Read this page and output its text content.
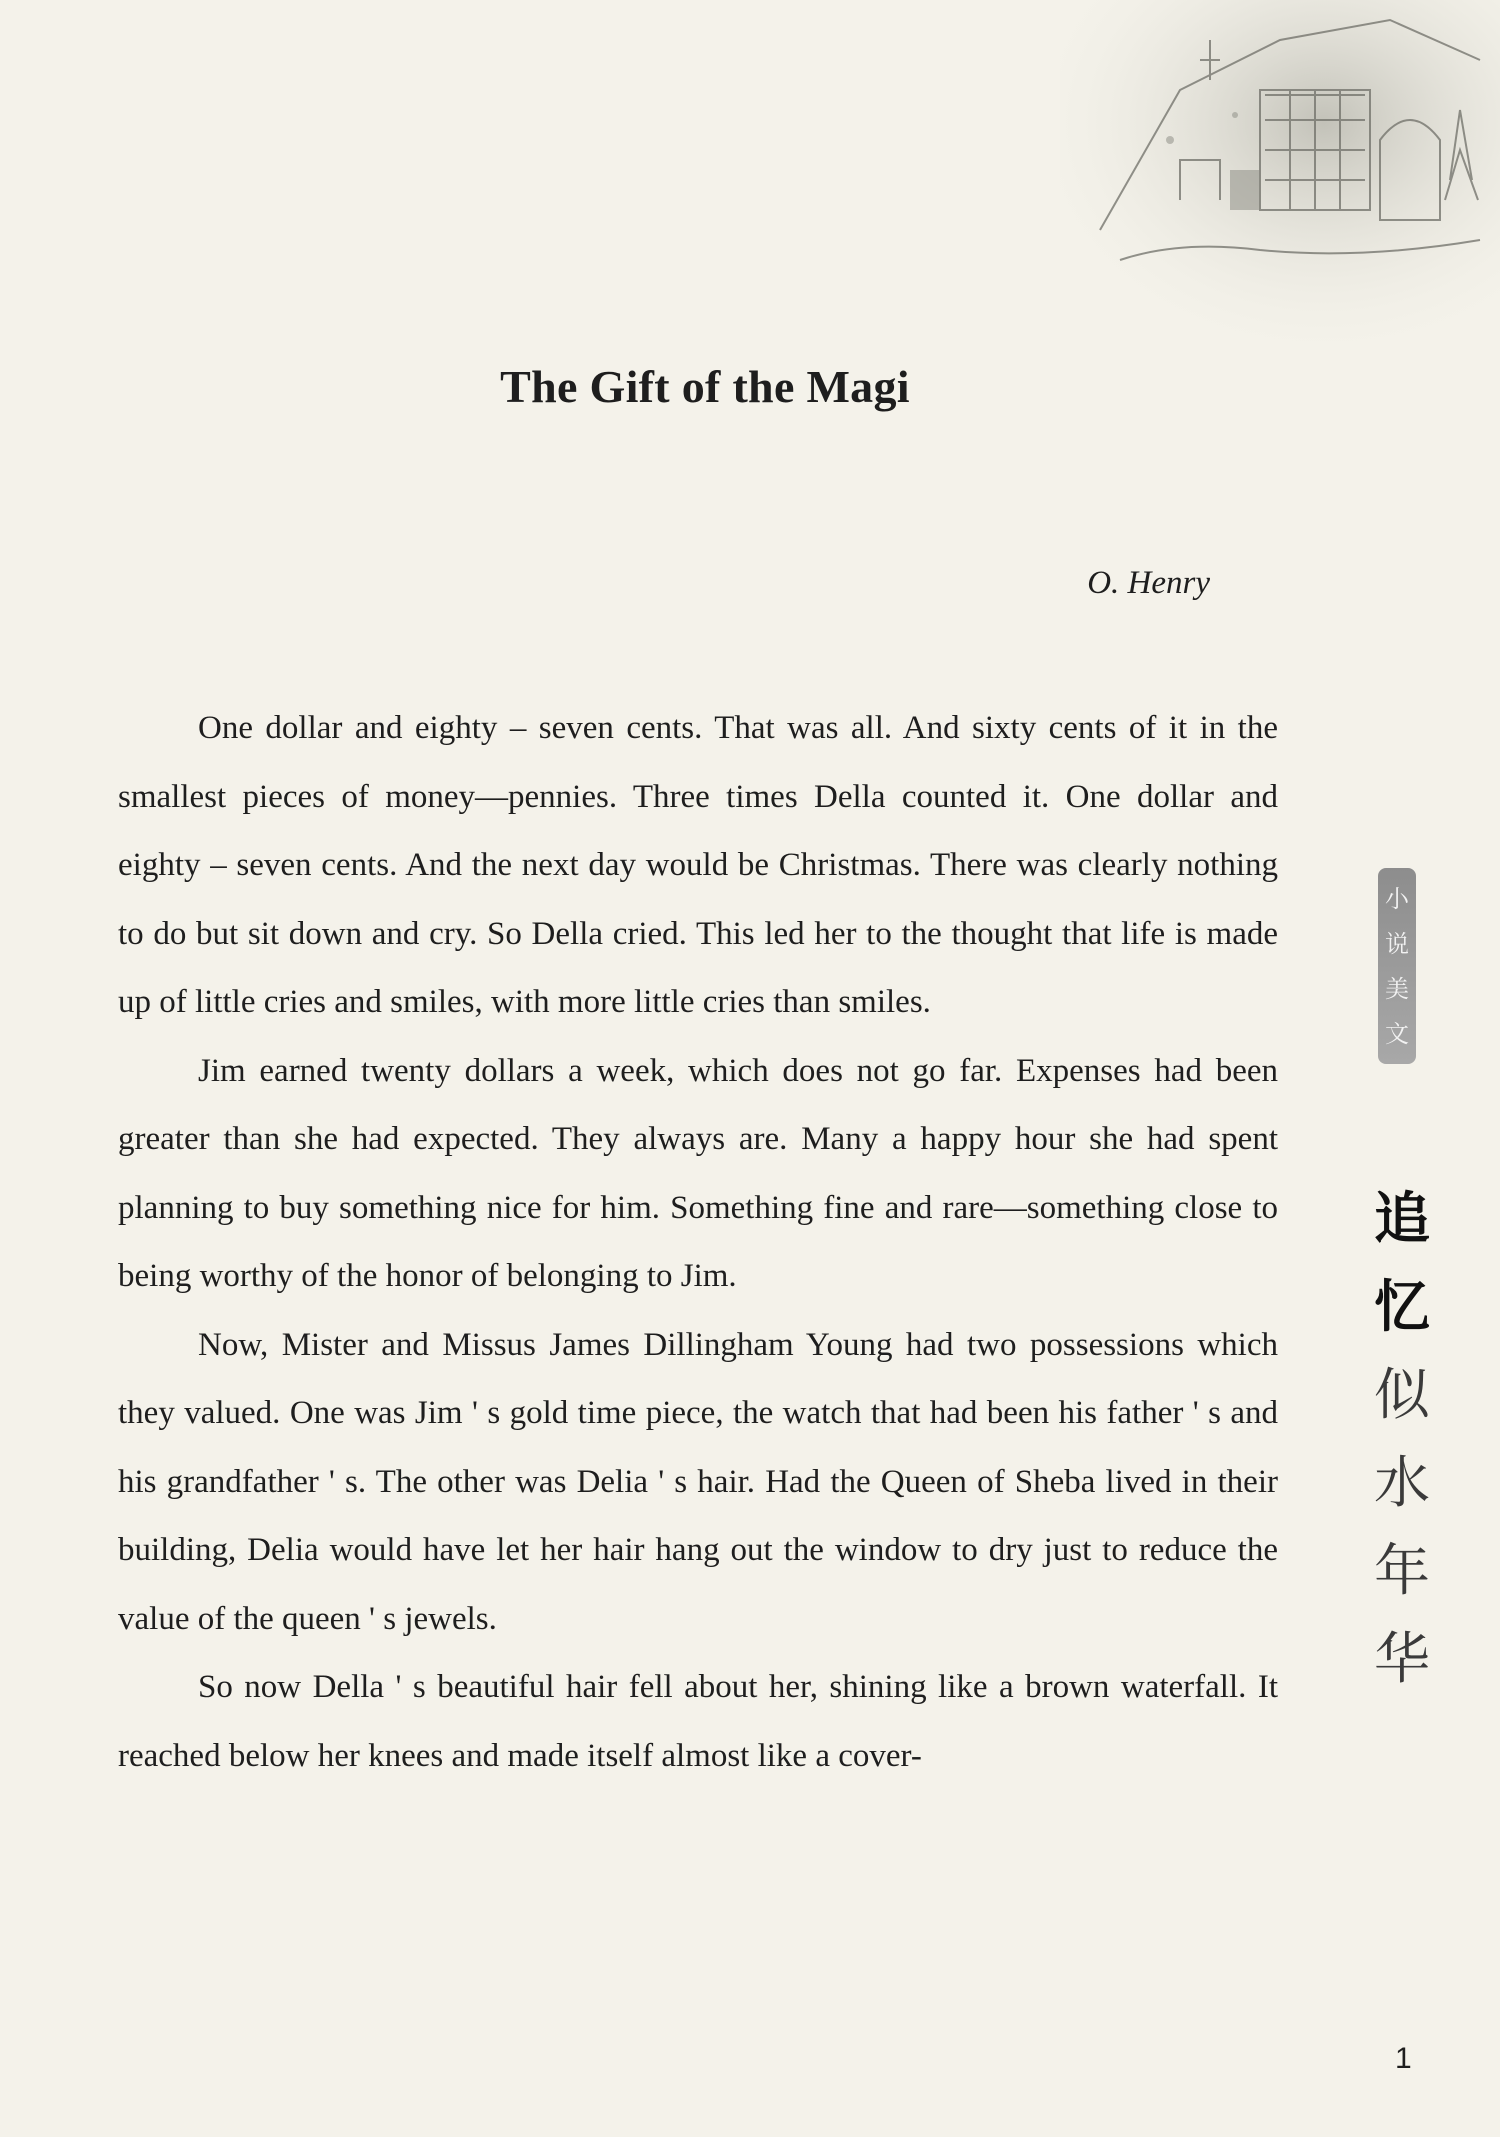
The Gift of the Magi
O. Henry

One dollar and eighty – seven cents. That was all. And sixty cents of it in the smallest pieces of money—pennies. Three times Della counted it. One dollar and eighty – seven cents. And the next day would be Christmas. There was clearly nothing to do but sit down and cry. So Della cried. This led her to the thought that life is made up of little cries and smiles, with more little cries than smiles.

Jim earned twenty dollars a week, which does not go far. Expenses had been greater than she had expected. They always are. Many a happy hour she had spent planning to buy something nice for him. Something fine and rare—something close to being worthy of the honor of belonging to Jim.

Now, Mister and Missus James Dillingham Young had two possessions which they valued. One was Jim ' s gold time piece, the watch that had been his father ' s and his grandfather ' s. The other was Delia ' s hair. Had the Queen of Sheba lived in their building, Delia would have let her hair hang out the window to dry just to reduce the value of the queen ' s jewels.

So now Della ' s beautiful hair fell about her, shining like a brown waterfall. It reached below her knees and made itself almost like a cover-

小
说
美
文
追
忆
似
水
年
华
1
